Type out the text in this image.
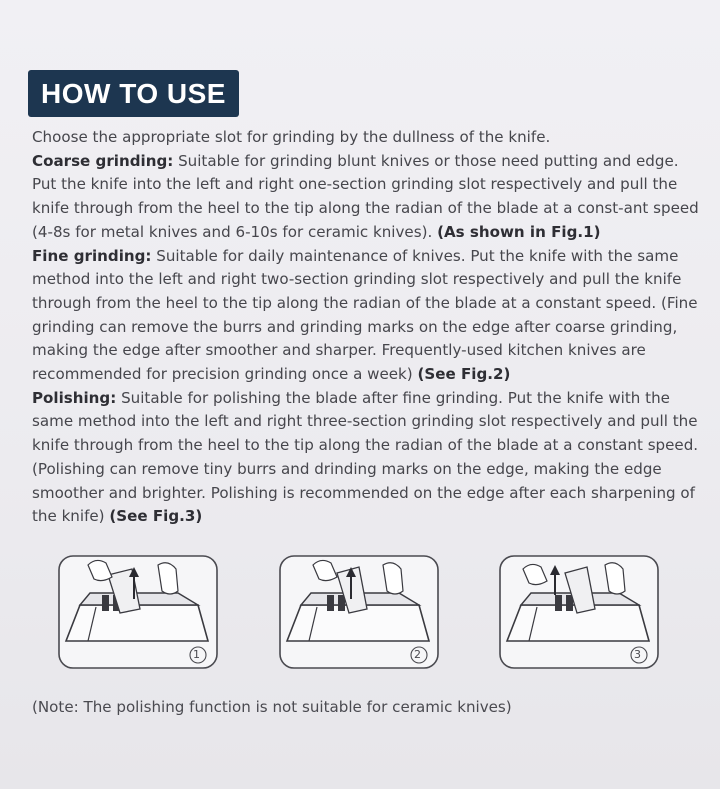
HOW TO USE

Choose the appropriate slot for grinding by the dullness of the knife.

Coarse grinding: Suitable for grinding blunt knives or those need putting and edge. Put the knife into the left and right one-section grinding slot respectively and pull the knife through from the heel to the tip along the radian of the blade at a const-ant speed (4-8s for metal knives and 6-10s for ceramic knives). (As shown in Fig.1)

Fine grinding: Suitable for daily maintenance of knives. Put the knife with the same method into the left and right two-section grinding slot respectively and pull the knife through from the heel to the tip along the radian of the blade at a constant speed. (Fine grinding can remove the burrs and grinding marks on the edge after coarse grinding, making the edge after smoother and sharper. Frequently-used kitchen knives are recommended for precision grinding once a week) (See Fig.2)

Polishing: Suitable for polishing the blade after fine grinding. Put the knife with the same method into the left and right three-section grinding slot respectively and pull the knife through from the heel to the tip along the radian of the blade at a constant speed. (Polishing can remove tiny burrs and drinding marks on the edge, making the edge smoother and brighter. Polishing is recommended on the edge after each sharpening of the knife) (See Fig.3)

1	2	3
(Note: The polishing function is not suitable for ceramic knives)
